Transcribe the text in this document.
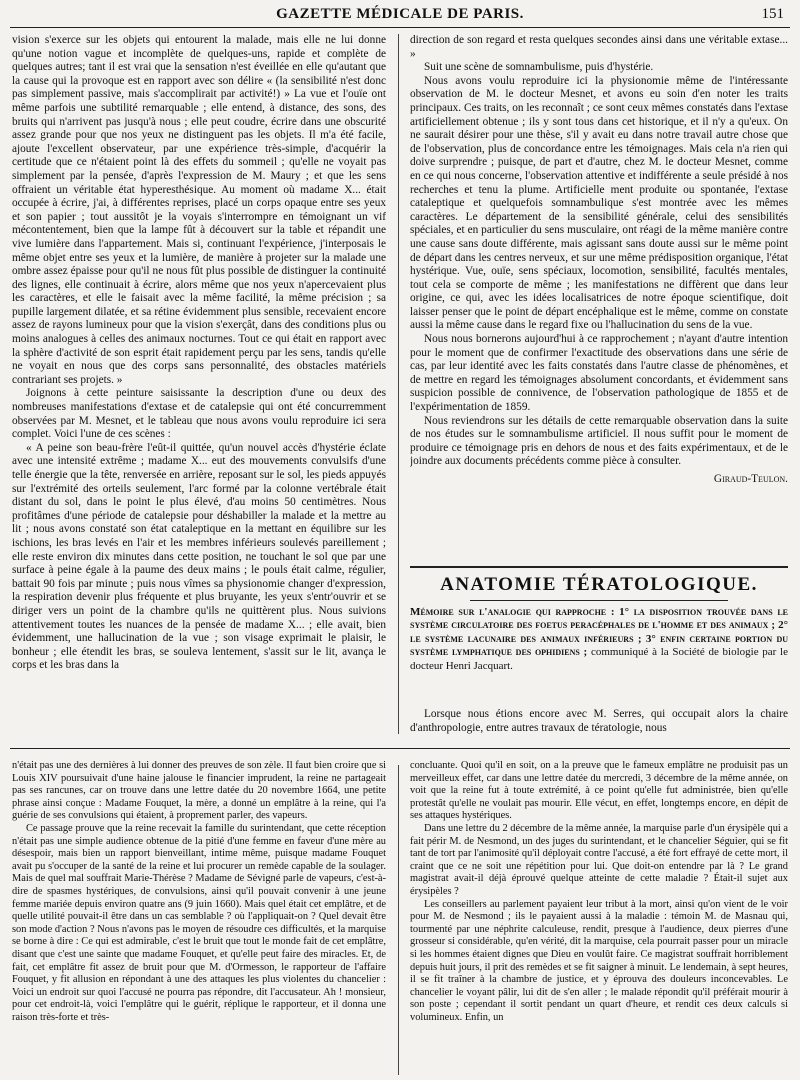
GAZETTE MÉDICALE DE PARIS.	151

vision s'exerce sur les objets qui entourent la malade, mais elle ne lui donne qu'une notion vague et incomplète de quelques-uns, rapide et complète de quelques autres; tant il est vrai que la sensation n'est éveillée en elle qu'autant que la cause qui la provoque est en rapport avec son délire « (la sensibilité n'est donc pas simplement passive, mais s'accomplirait par activité!) » La vue et l'ouïe ont même parfois une subtilité remarquable ; elle entend, à distance, des sons, des bruits qui n'arrivent pas jusqu'à nous ; elle peut coudre, écrire dans une obscurité assez grande pour que nos yeux ne distinguent pas les objets. Il m'a été facile, ajoute l'excellent observateur, par une expérience très-simple, d'acquérir la certitude que ce n'étaient point là des effets du sommeil ; qu'elle ne voyait pas simplement par la pensée, d'après l'expression de M. Maury ; et que les sens offraient un véritable état hyperesthésique. Au moment où madame X... était occupée à écrire, j'ai, à différentes reprises, placé un corps opaque entre ses yeux et son papier ; tout aussitôt je la voyais s'interrompre en témoignant un vif mécontentement, bien que la lampe fût à découvert sur la table et répandit une vive lumière dans l'appartement. Mais si, continuant l'expérience, j'interposais le même objet entre ses yeux et la lumière, de manière à projeter sur la malade une ombre assez épaisse pour qu'il ne nous fût plus possible de distinguer la continuité des lignes, elle continuait à écrire, alors même que nos yeux n'apercevaient plus les caractères, et elle le faisait avec la même facilité, la même précision ; sa pupille largement dilatée, et sa rétine évidemment plus sensible, recevaient encore assez de rayons lumineux pour que la vision s'exerçât, dans des conditions plus ou moins analogues à celles des animaux nocturnes. Tout ce qui était en rapport avec la sphère d'activité de son esprit était rapidement perçu par les sens, tandis qu'elle ne voyait en nous que des corps sans personnalité, des obstacles matériels contrariant ses projets. »

Joignons à cette peinture saisissante la description d'une ou deux des nombreuses manifestations d'extase et de catalepsie qui ont été concurremment observées par M. Mesnet, et le tableau que nous avons voulu reproduire ici sera complet. Voici l'une de ces scènes :

« A peine son beau-frère l'eût-il quittée, qu'un nouvel accès d'hystérie éclate avec une intensité extrême ; madame X... eut des mouvements convulsifs d'une telle énergie que la tête, renversée en arrière, reposant sur le sol, les pieds appuyés sur l'extrémité des orteils seulement, l'arc formé par la colonne vertébrale était distant du sol, dans le point le plus élevé, d'au moins 50 centimètres. Nous profitâmes d'une période de catalepsie pour déshabiller la malade et la mettre au lit ; nous avons constaté son état cataleptique en la mettant en équilibre sur les ischions, les bras levés en l'air et les membres inférieurs soulevés pareillement ; elle reste environ dix minutes dans cette position, ne touchant le sol que par une surface à peine égale à la paume des deux mains ; le pouls était calme, régulier, battait 90 fois par minute ; puis nous vîmes sa physionomie changer d'expression, la respiration devenir plus fréquente et plus bruyante, les yeux s'entr'ouvrir et se diriger vers un point de la chambre qu'ils ne quittèrent plus. Nous suivions attentivement toutes les nuances de la pensée de madame X... ; elle avait, bien évidemment, une hallucination de la vue ; son visage exprimait le plaisir, le bonheur ; elle étendit les bras, se souleva lentement, s'assit sur le lit, avança le corps et les bras dans la

direction de son regard et resta quelques secondes ainsi dans une véritable extase... »

Suit une scène de somnambulisme, puis d'hystérie.

Nous avons voulu reproduire ici la physionomie même de l'intéressante observation de M. le docteur Mesnet, et avons eu soin d'en noter les traits principaux. Ces traits, on les reconnaît ; ce sont ceux mêmes constatés dans l'extase artificiellement obtenue ; ils y sont tous dans cet historique, et il n'y a qu'eux. On ne saurait désirer pour une thèse, s'il y avait eu dans notre travail autre chose que de l'observation, plus de concordance entre les témoignages. Mais cela n'a rien qui doive surprendre ; puisque, de part et d'autre, chez M. le docteur Mesnet, comme en ce qui nous concerne, l'observation attentive et indifférente a seule présidé à nos recherches et tenu la plume. Artificielle ment produite ou spontanée, l'extase cataleptique et quelquefois somnambulique s'est montrée avec les mêmes caractères. Le département de la sensibilité générale, celui des sensibilités spéciales, et en particulier du sens musculaire, ont réagi de la même manière contre une cause sans doute différente, mais agissant sans doute aussi sur le même point de départ dans les centres nerveux, et sur une même prédisposition organique, l'état hystérique. Vue, ouïe, sens spéciaux, locomotion, sensibilité, facultés mentales, tout cela se comporte de même ; les manifestations ne diffèrent que dans leur origine, ce qui, avec les idées localisatrices de notre époque scientifique, doit laisser penser que le point de départ encéphalique est le même, comme on constate aussi la même cause dans le regard fixe ou l'hallucination du sens de la vue.

Nous nous bornerons aujourd'hui à ce rapprochement ; n'ayant d'autre intention pour le moment que de confirmer l'exactitude des observations dans une série de cas, par leur identité avec les faits constatés dans l'autre classe de phénomènes, et de mettre en regard les témoignages absolument concordants, et évidemment sans suspicion possible de connivence, de l'observation pathologique de 1855 et de l'expérimentation de 1859.

Nous reviendrons sur les détails de cette remarquable observation dans la suite de nos études sur le somnambulisme artificiel. Il nous suffit pour le moment de produire ce témoignage pris en dehors de nous et des faits expérimentaux, et de le joindre aux documents précédents comme pièce à consulter.

Giraud-Teulon.
ANATOMIE TÉRATOLOGIQUE.
Mémoire sur l'analogie qui rapproche : 1° la disposition trouvée dans le système circulatoire des foetus peracéphales de l'homme et des animaux ; 2° le système lacunaire des animaux inférieurs ; 3° enfin certaine portion du système lymphatique des ophidiens ; communiqué à la Société de biologie par le docteur Henri Jacquart.

Lorsque nous étions encore avec M. Serres, qui occupait alors la chaire d'anthropologie, entre autres travaux de tératologie, nous

n'était pas une des dernières à lui donner des preuves de son zèle. Il faut bien croire que si Louis XIV poursuivait d'une haine jalouse le financier imprudent, la reine ne partageait pas ses rancunes, car on trouve dans une lettre datée du 20 novembre 1664, une petite phrase ainsi conçue : Madame Fouquet, la mère, a donné un emplâtre à la reine, qui l'a guérie de ses convulsions qui étaient, à proprement parler, des vapeurs.

Ce passage prouve que la reine recevait la famille du surintendant, que cette réception n'était pas une simple audience obtenue de la pitié d'une femme en faveur d'une mère au désespoir, mais bien un rapport bienveillant, intime même, puisque madame Fouquet avait pu s'occuper de la santé de la reine et lui procurer un remède capable de la soulager. Mais de quel mal souffrait Marie-Thérèse ? Madame de Sévigné parle de vapeurs, c'est-à-dire de spasmes hystériques, de convulsions, ainsi qu'il pouvait convenir à une jeune femme mariée depuis environ quatre ans (9 juin 1660). Mais quel était cet emplâtre, et de quelle utilité pouvait-il être dans un cas semblable ? où l'appliquait-on ? Quel devait être son mode d'action ? Nous n'avons pas le moyen de résoudre ces difficultés, et la marquise se borne à dire : Ce qui est admirable, c'est le bruit que tout le monde fait de cet emplâtre, disant que c'est une sainte que madame Fouquet, et qu'elle peut faire des miracles. Et, de fait, cet emplâtre fit assez de bruit pour que M. d'Ormesson, le rapporteur de l'affaire Fouquet, y fit allusion en répondant à une des attaques les plus violentes du chancelier : Voici un endroit sur quoi l'accusé ne pourra pas répondre, dit l'accusateur. Ah ! monsieur, pour cet endroit-là, voici l'emplâtre qui le guérit, réplique le rapporteur, et il donna une raison très-forte et très-

concluante. Quoi qu'il en soit, on a la preuve que le fameux emplâtre ne produisit pas un merveilleux effet, car dans une lettre datée du mercredi, 3 décembre de la même année, on voit que la reine fut à toute extrémité, à ce point qu'elle fut administrée, bien qu'elle protestât qu'elle ne voulait pas mourir. Elle vécut, en effet, longtemps encore, en dépit de ses attaques hystériques.

Dans une lettre du 2 décembre de la même année, la marquise parle d'un érysipèle qui a fait périr M. de Nesmond, un des juges du surintendant, et le chancelier Séguier, qui se fit tant de tort par l'animosité qu'il déployait contre l'accusé, a été fort effrayé de cette mort, il craint que ce ne soit une répétition pour lui. Que doit-on entendre par là ? Le grand magistrat avait-il déjà éprouvé quelque atteinte de cette maladie ? Était-il sujet aux érysipèles ?

Les conseillers au parlement payaient leur tribut à la mort, ainsi qu'on vient de le voir pour M. de Nesmond ; ils le payaient aussi à la maladie : témoin M. de Masnau qui, tourmenté par une néphrite calculeuse, rendit, presque à l'audience, deux pierres d'une grosseur si considérable, qu'en vérité, dit la marquise, cela pourrait passer pour un miracle si les hommes étaient dignes que Dieu en voulût faire. Ce magistrat souffrait horriblement depuis huit jours, il prit des remèdes et se fit saigner à minuit. Le lendemain, à sept heures, il se fit traîner à la chambre de justice, et y éprouva des douleurs inconcevables. Le chancelier le voyant pâlir, lui dit de s'en aller ; le malade répondit qu'il préférait mourir à son poste ; cependant il sortit pendant un quart d'heure, et rendit ces deux calculs si volumineux. Enfin, un
